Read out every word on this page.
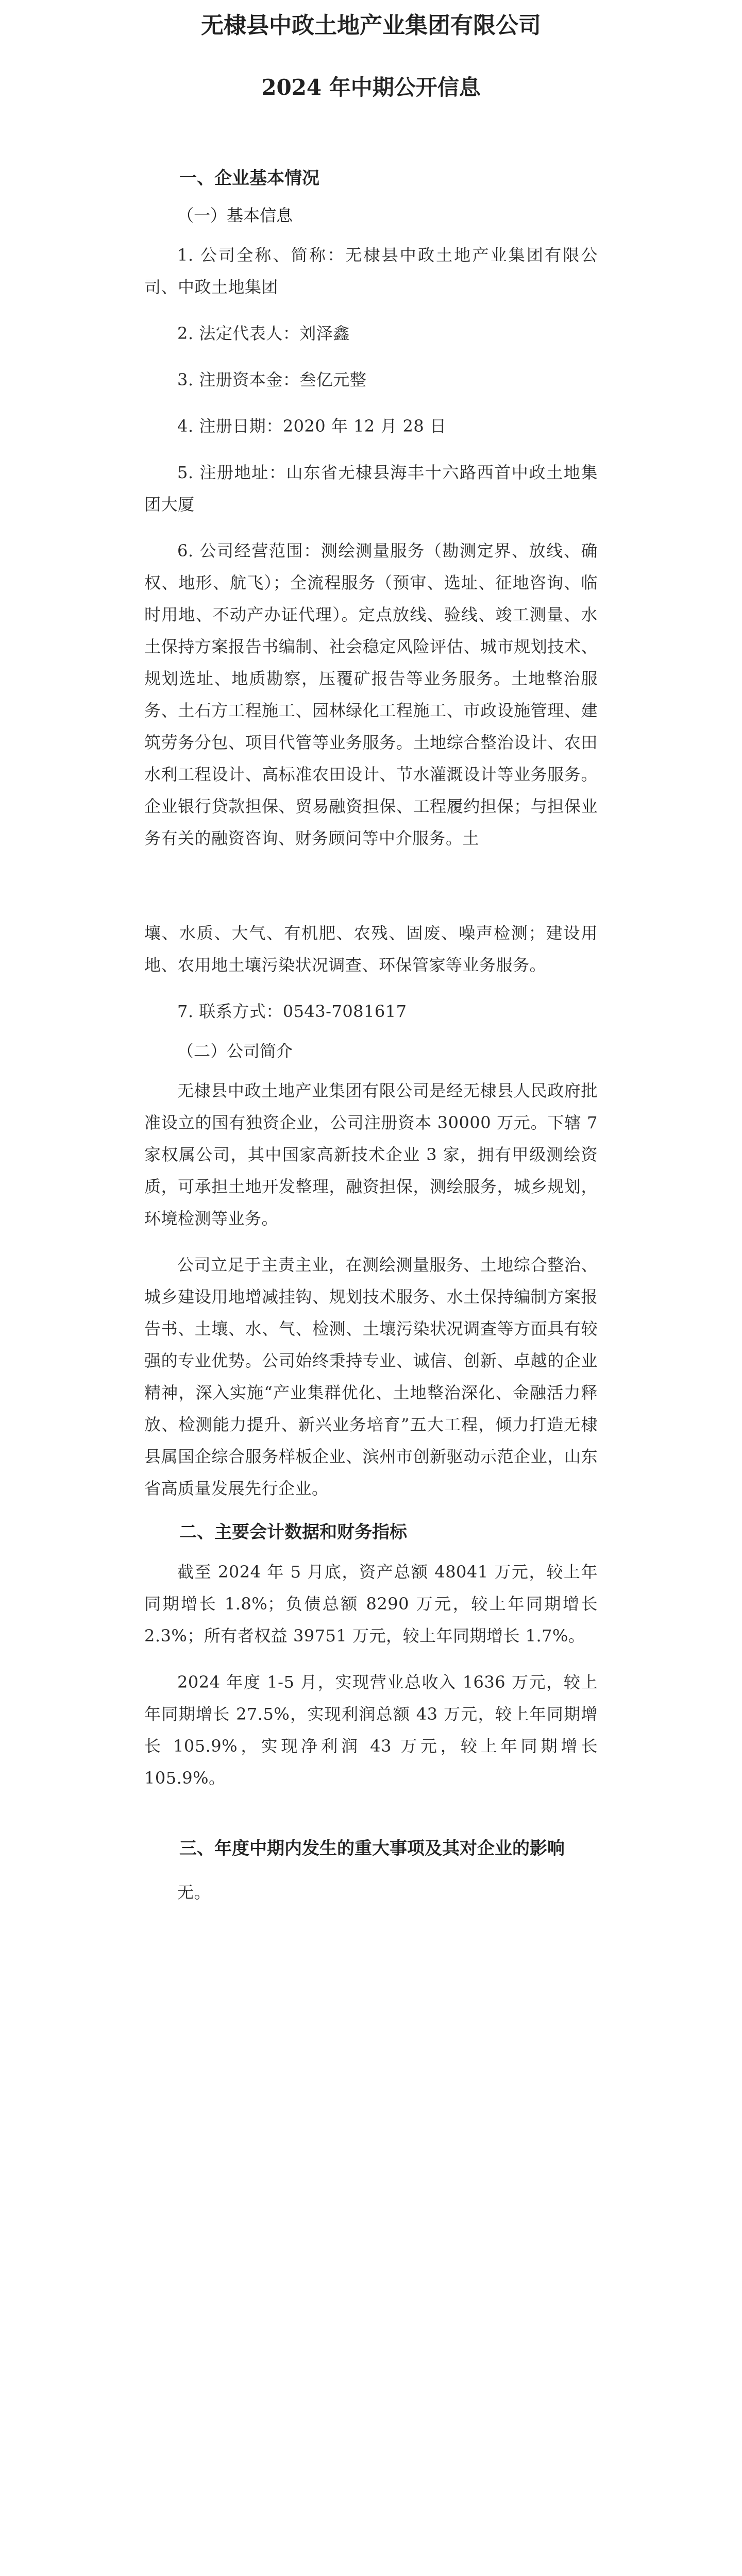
无棣县中政土地产业集团有限公司
2024 年中期公开信息

一、企业基本情况

（一）基本信息

1. 公司全称、简称：无棣县中政土地产业集团有限公司、中政土地集团

2. 法定代表人：刘泽鑫

3. 注册资本金：叁亿元整

4. 注册日期：2020 年 12 月 28 日

5. 注册地址：山东省无棣县海丰十六路西首中政土地集团大厦

6. 公司经营范围：测绘测量服务（勘测定界、放线、确权、地形、航飞）；全流程服务（预审、选址、征地咨询、临时用地、不动产办证代理）。定点放线、验线、竣工测量、水土保持方案报告书编制、社会稳定风险评估、城市规划技术、规划选址、地质勘察，压覆矿报告等业务服务。土地整治服务、土石方工程施工、园林绿化工程施工、市政设施管理、建筑劳务分包、项目代管等业务服务。土地综合整治设计、农田水利工程设计、高标准农田设计、节水灌溉设计等业务服务。企业银行贷款担保、贸易融资担保、工程履约担保；与担保业务有关的融资咨询、财务顾问等中介服务。土

壤、水质、大气、有机肥、农残、固废、噪声检测；建设用地、农用地土壤污染状况调查、环保管家等业务服务。

7. 联系方式：0543-7081617

（二）公司简介

无棣县中政土地产业集团有限公司是经无棣县人民政府批准设立的国有独资企业，公司注册资本 30000 万元。下辖 7 家权属公司，其中国家高新技术企业 3 家，拥有甲级测绘资质，可承担土地开发整理，融资担保，测绘服务，城乡规划，环境检测等业务。

公司立足于主责主业，在测绘测量服务、土地综合整治、城乡建设用地增减挂钩、规划技术服务、水土保持编制方案报告书、土壤、水、气、检测、土壤污染状况调查等方面具有较强的专业优势。公司始终秉持专业、诚信、创新、卓越的企业精神，深入实施“产业集群优化、土地整治深化、金融活力释放、检测能力提升、新兴业务培育”五大工程，倾力打造无棣县属国企综合服务样板企业、滨州市创新驱动示范企业，山东省高质量发展先行企业。

二、主要会计数据和财务指标

截至 2024 年 5 月底，资产总额 48041 万元，较上年同期增长 1.8%；负债总额 8290 万元，较上年同期增长 2.3%；所有者权益 39751 万元，较上年同期增长 1.7%。

2024 年度 1-5 月，实现营业总收入 1636 万元，较上年同期增长 27.5%，实现利润总额 43 万元，较上年同期增长 105.9%，实现净利润 43 万元，较上年同期增长 105.9%。

三、年度中期内发生的重大事项及其对企业的影响

无。
